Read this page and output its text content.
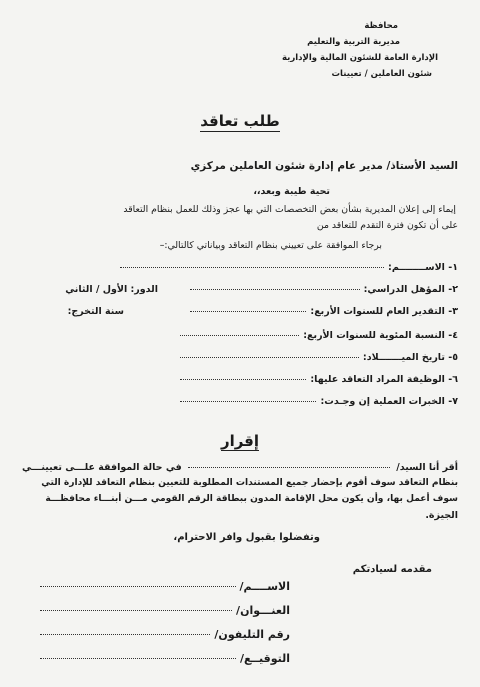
محافظة
مديرية التربية والتعليم
الإدارة العامة للشئون المالية والإدارية
شئون العاملين / تعيينات
طلب تعاقد
السيد الأستاذ/ مدير عام إدارة شئون العاملين مركزي
تحية طيبة وبعد،،
إيماء إلى إعلان المديرية بشأن بعض التخصصات التي بها عجز وذلك للعمل بنظام التعاقد
على أن تكون فترة التقدم للتعاقد من
برجاء الموافقة على تعييني بنظام التعاقد وبياناتي كالتالي:–
١- الاســــــــم:
٢- المؤهل الدراسي:
الدور: الأول / الثاني
٣- التقدير العام للسنوات الأربع:
سنة التخرج:
٤- النسبة المئوية للسنوات الأربع:
٥- تاريخ الميـــــــلاد:
٦- الوظيفة المراد التعاقد عليها:
٧- الخبرات العملية إن وجـدت:
إقرار
أقر أنا السيد/
في حالة الموافقة علـــى تعيينـــي
بنظام التعاقد سوف أقوم بإحضار جميع المستندات المطلوبة للتعيين بنظام التعاقد للإدارة التي
سوف أعمل بها، وأن يكون محل الإقامة المدون ببطاقة الرقم القومي مـــن أبنـــاء محافظـــة
الجيزة.
وتفضلوا بقبول وافر الاحترام،
مقدمه لسيادتكم
الاســــم/
العنـــوان/
رقم التليفون/
التوقيــع/
